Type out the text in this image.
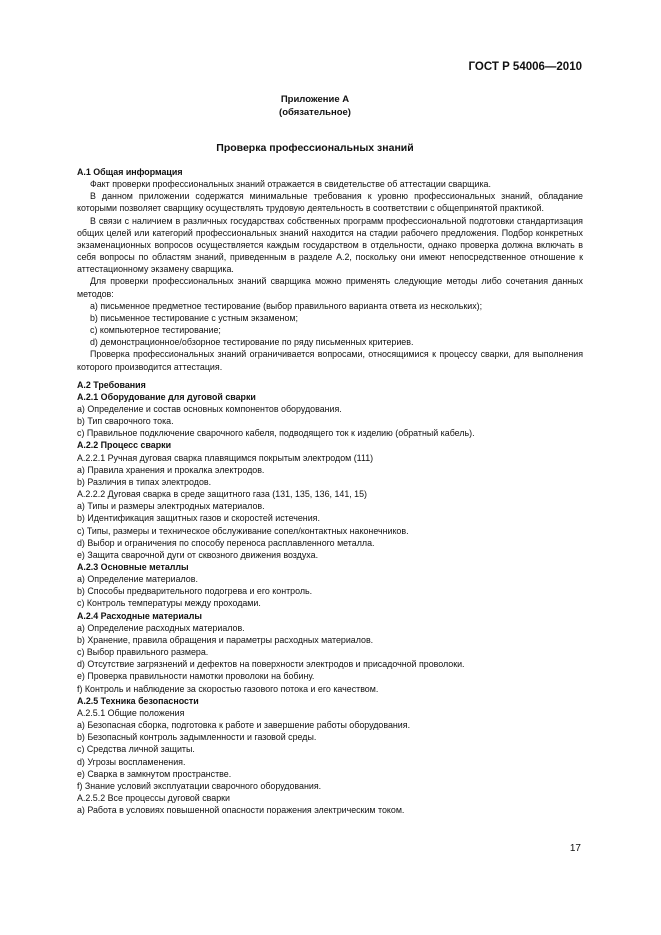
ГОСТ Р 54006—2010
Приложение А
(обязательное)
Проверка профессиональных знаний

А.1 Общая информация

Факт проверки профессиональных знаний отражается в свидетельстве об аттестации сварщика.

В данном приложении содержатся минимальные требования к уровню профессиональных знаний, обладание которыми позволяет сварщику осуществлять трудовую деятельность в соответствии с общепринятой практикой.

В связи с наличием в различных государствах собственных программ профессиональной подготовки стандартизация общих целей или категорий профессиональных знаний находится на стадии рабочего предложения. Подбор конкретных экзаменационных вопросов осуществляется каждым государством в отдельности, однако проверка должна включать в себя вопросы по областям знаний, приведенным в разделе А.2, поскольку они имеют непосредственное отношение к аттестационному экзамену сварщика.

Для проверки профессиональных знаний сварщика можно применять следующие методы либо сочетания данных методов:

a) письменное предметное тестирование (выбор правильного варианта ответа из нескольких);

b) письменное тестирование с устным экзаменом;

c) компьютерное тестирование;

d) демонстрационное/обзорное тестирование по ряду письменных критериев.

Проверка профессиональных знаний ограничивается вопросами, относящимися к процессу сварки, для выполнения которого производится аттестация.

А.2 Требования

А.2.1 Оборудование для дуговой сварки

a) Определение и состав основных компонентов оборудования.

b) Тип сварочного тока.

c) Правильное подключение сварочного кабеля, подводящего ток к изделию (обратный кабель).

А.2.2 Процесс сварки

А.2.2.1 Ручная дуговая сварка плавящимся покрытым электродом (111)

a) Правила хранения и прокалка электродов.

b) Различия в типах электродов.

А.2.2.2 Дуговая сварка в среде защитного газа (131, 135, 136, 141, 15)

a) Типы и размеры электродных материалов.

b) Идентификация защитных газов и скоростей истечения.

c) Типы, размеры и техническое обслуживание сопел/контактных наконечников.

d) Выбор и ограничения по способу переноса расплавленного металла.

e) Защита сварочной дуги от сквозного движения воздуха.

А.2.3 Основные металлы

a) Определение материалов.

b) Способы предварительного подогрева и его контроль.

c) Контроль температуры между проходами.

А.2.4 Расходные материалы

a) Определение расходных материалов.

b) Хранение, правила обращения и параметры расходных материалов.

c) Выбор правильного размера.

d) Отсутствие загрязнений и дефектов на поверхности электродов и присадочной проволоки.

e) Проверка правильности намотки проволоки на бобину.

f) Контроль и наблюдение за скоростью газового потока и его качеством.

А.2.5 Техника безопасности

А.2.5.1 Общие положения

a) Безопасная сборка, подготовка к работе и завершение работы оборудования.

b) Безопасный контроль задымленности и газовой среды.

c) Средства личной защиты.

d) Угрозы воспламенения.

e) Сварка в замкнутом пространстве.

f) Знание условий эксплуатации сварочного оборудования.

А.2.5.2 Все процессы дуговой сварки

a) Работа в условиях повышенной опасности поражения электрическим током.

17
